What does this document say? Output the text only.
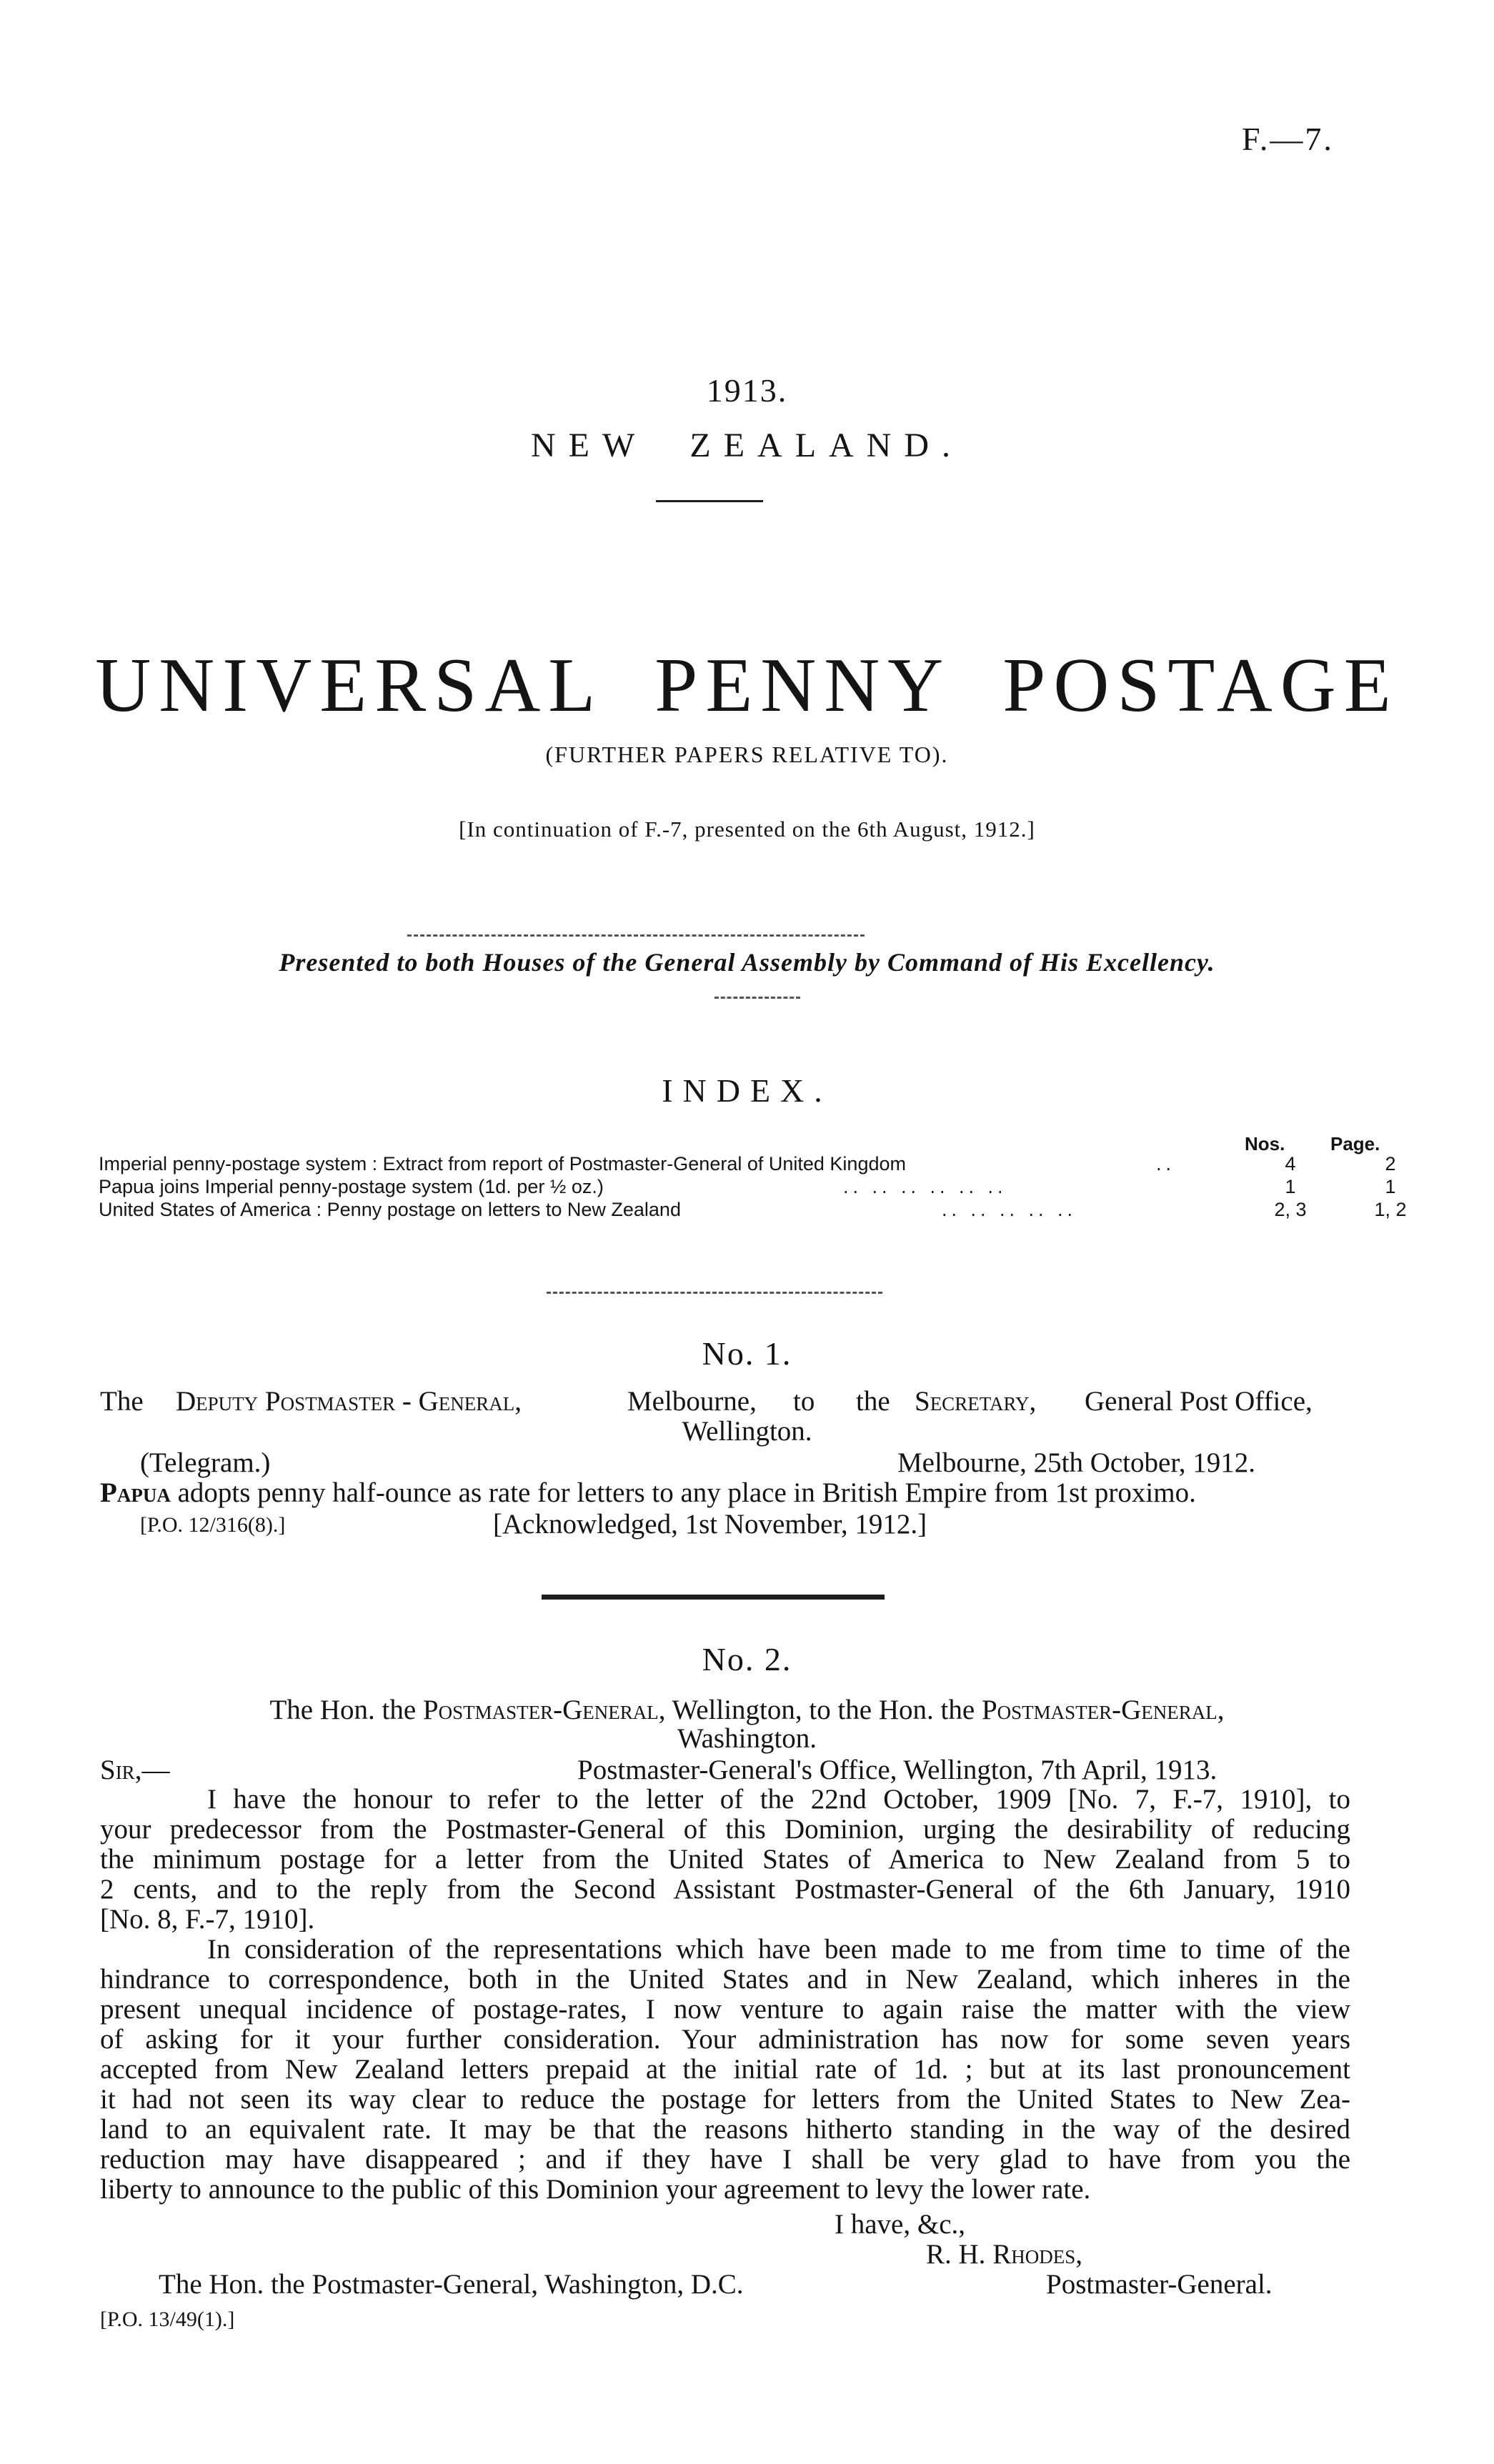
F.—7.
1913.
NEW  ZEALAND.
UNIVERSAL  PENNY  POSTAGE
(FURTHER PAPERS RELATIVE TO).
[In continuation of F.-7, presented on the 6th August, 1912.]
Presented to both Houses of the General Assembly by Command of His Excellency.
INDEX.
Nos. Page.
Imperial penny-postage system : Extract from report of Postmaster-General of United Kingdom	..	4	2
Papua joins Imperial penny-postage system (1d. per ½ oz.)	.. .. .. .. .. ..	1	1
United States of America : Penny postage on letters to New Zealand	.. .. .. .. ..	2, 3	1, 2
No. 1.
The Deputy Postmaster - General,	Melbourne, to the Secretary, General Post Office,
Wellington.
(Telegram.)	Melbourne, 25th October, 1912.
Papua adopts penny half-ounce as rate for letters to any place in British Empire from 1st proximo.
[P.O. 12/316(8).]	[Acknowledged, 1st November, 1912.]
No. 2.
The Hon. the Postmaster-General, Wellington, to the Hon. the Postmaster-General,
Washington.
Sir,—	Postmaster-General's Office, Wellington, 7th April, 1913.
I have the honour to refer to the letter of the 22nd October, 1909 [No. 7, F.-7, 1910], to
your predecessor from the Postmaster-General of this Dominion, urging the desirability of reducing
the minimum postage for a letter from the United States of America to New Zealand from 5 to
2 cents, and to the reply from the Second Assistant Postmaster-General of the 6th January, 1910
[No. 8, F.-7, 1910].
In consideration of the representations which have been made to me from time to time of the
hindrance to correspondence, both in the United States and in New Zealand, which inheres in the
present unequal incidence of postage-rates, I now venture to again raise the matter with the view
of asking for it your further consideration. Your administration has now for some seven years
accepted from New Zealand letters prepaid at the initial rate of 1d. ; but at its last pronouncement
it had not seen its way clear to reduce the postage for letters from the United States to New Zea-
land to an equivalent rate. It may be that the reasons hitherto standing in the way of the desired
reduction may have disappeared ; and if they have I shall be very glad to have from you the
liberty to announce to the public of this Dominion your agreement to levy the lower rate.
I have, &c.,
R. H. Rhodes,
The Hon. the Postmaster-General, Washington, D.C.	Postmaster-General.
[P.O. 13/49(1).]
